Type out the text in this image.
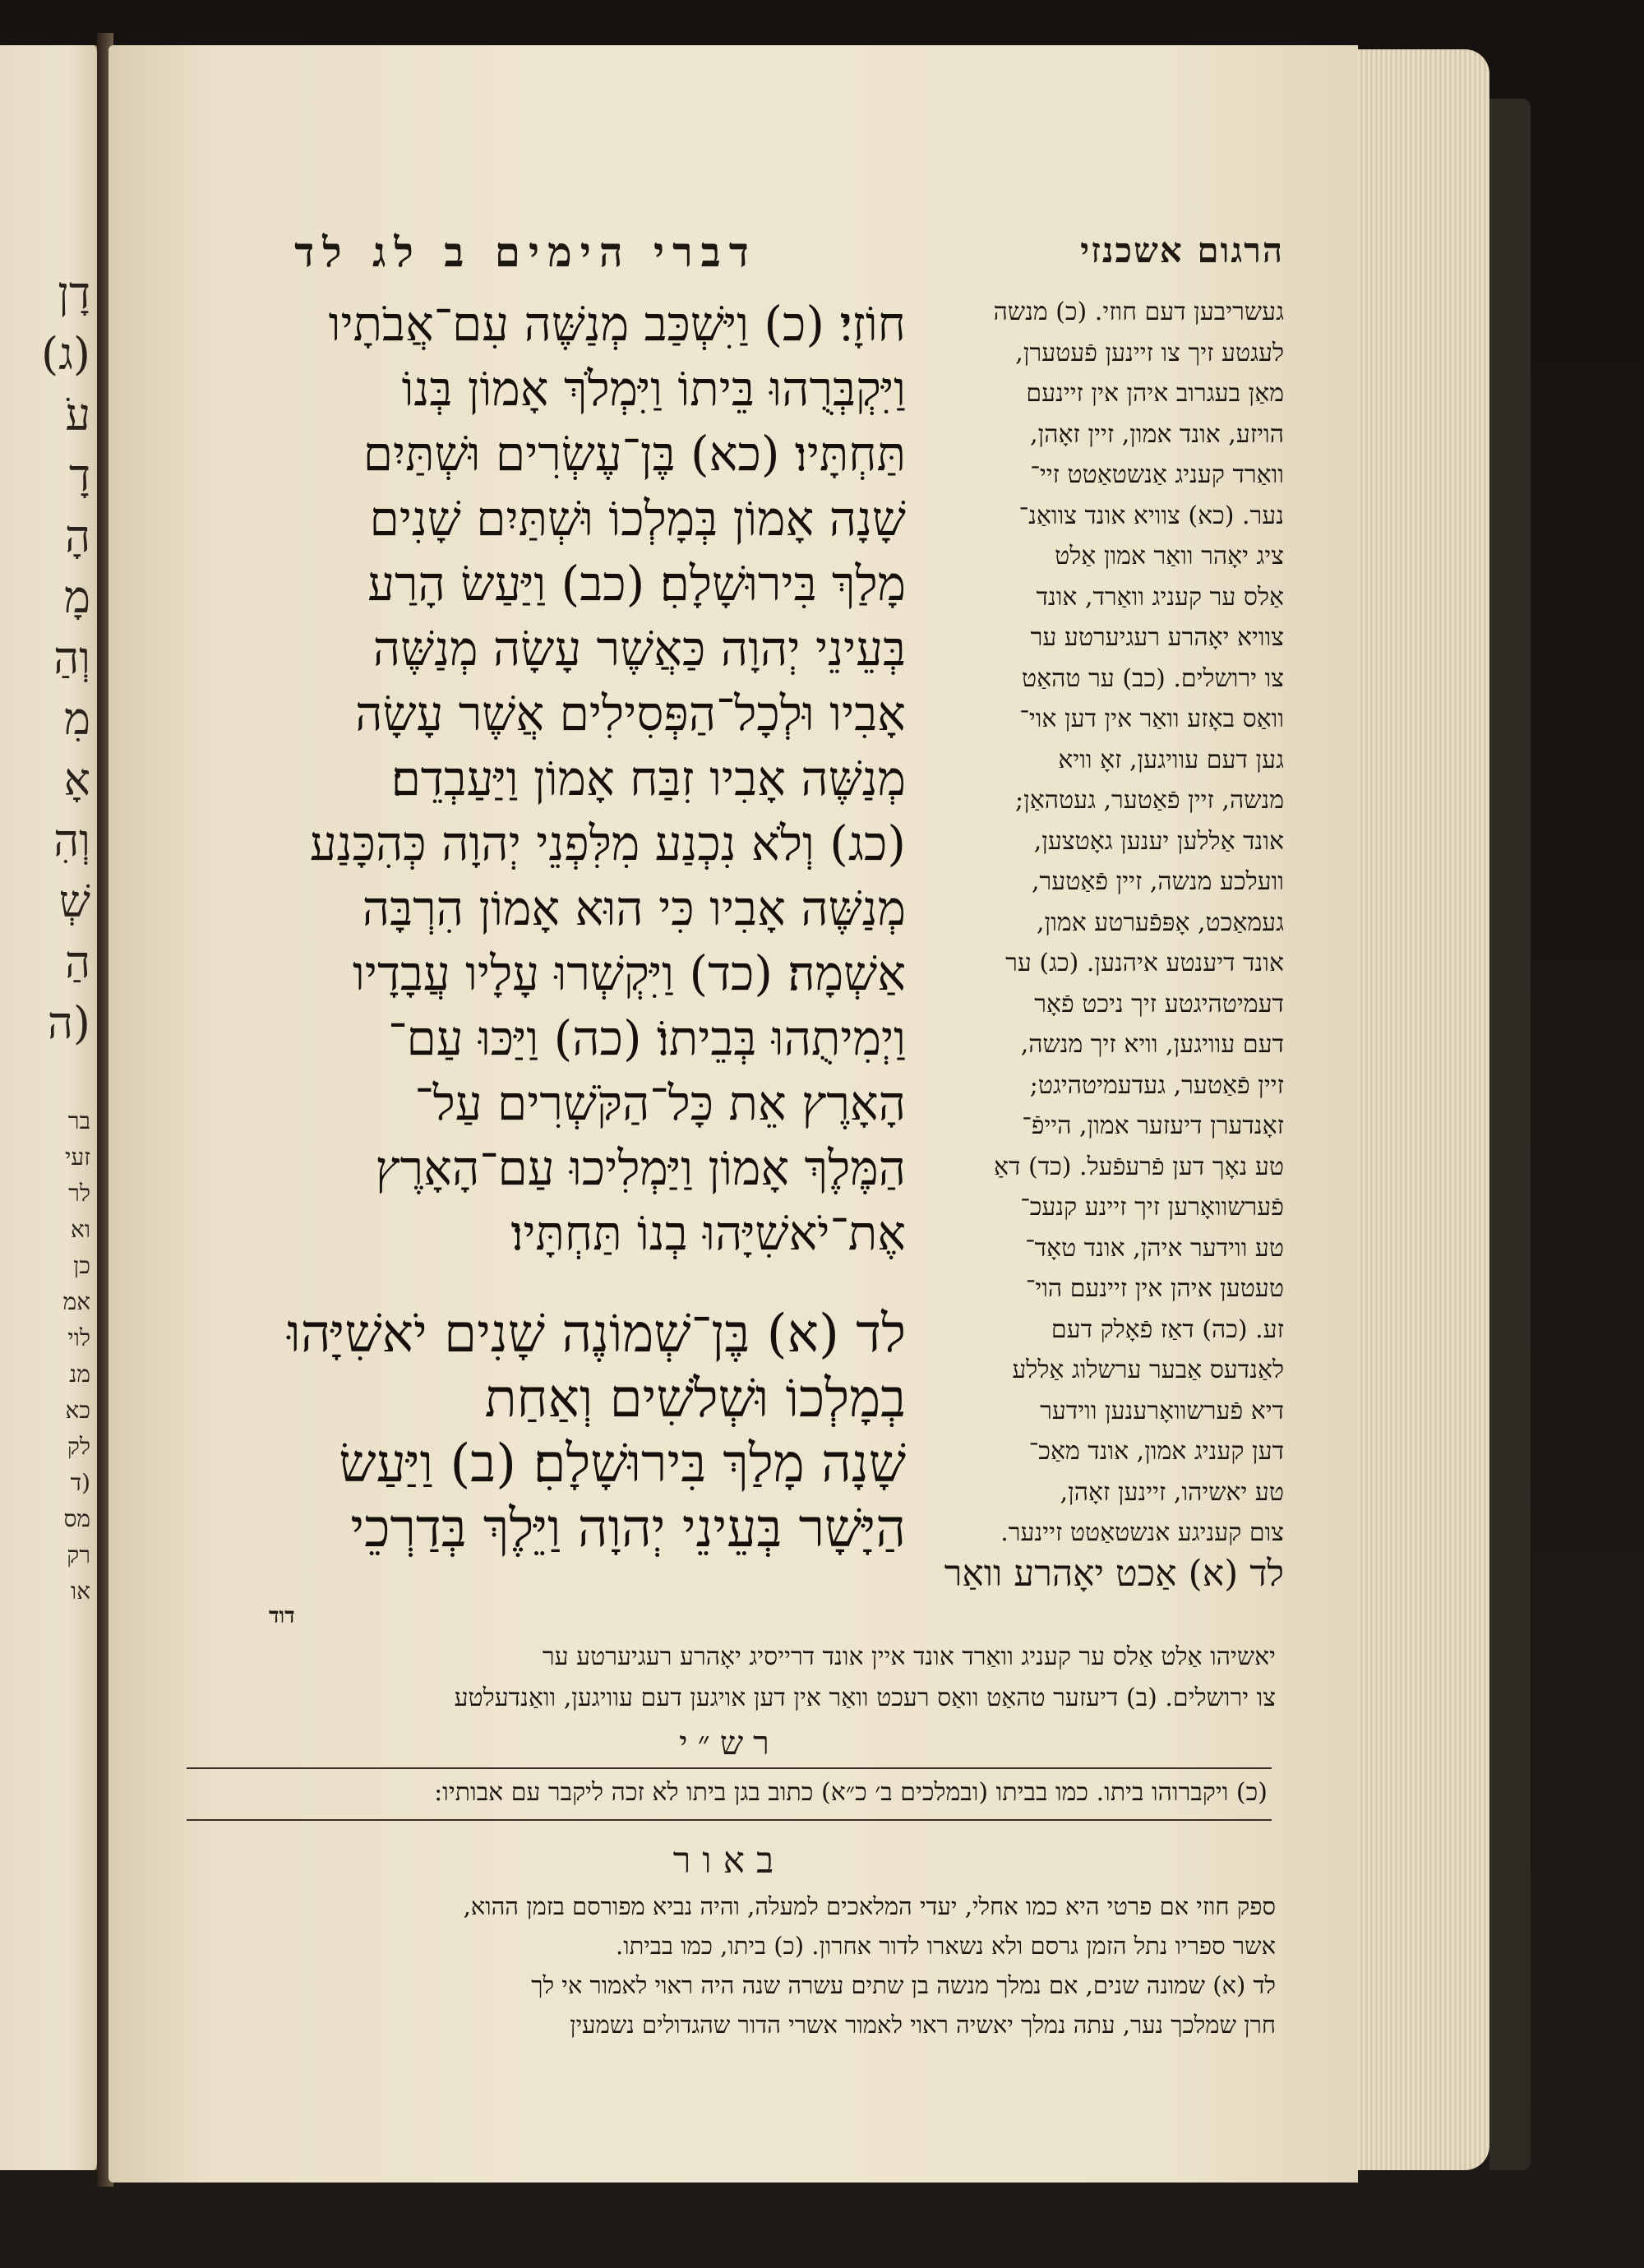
דָן
(ג)
עֹ
דָ
הָ
מָ
וְהַ
מִ
אָ
וְהִ
שְׁ
הַ
(ה
בר
זעי
לר
וא
כן
אמ
לוי
מנ
כא
לק
(ד
מס
רק
או
הרגום אשכנזי
דברי הימים ב לג לד
חוֹזָי׃ (כ) וַיִּשְׁכַּב מְנַשֶּׁה עִם־אֲבֹתָיו
וַיִּקְבְּרֻהוּ בֵּיתוֹ וַיִּמְלֹךְ אָמוֹן בְּנוֹ
תַּחְתָּיו׃ (כא) בֶּן־עֶשְׂרִים וּשְׁתַּיִם
שָׁנָה אָמוֹן בְּמָלְכוֹ וּשְׁתַּיִם שָׁנִים
מָלַךְ בִּירוּשָׁלָםִ׃ (כב) וַיַּעַשׂ הָרַע
בְּעֵינֵי יְהוָה כַּאֲשֶׁר עָשָׂה מְנַשֶּׁה
אָבִיו וּלְכָל־הַפְּסִילִים אֲשֶׁר עָשָׂה
מְנַשֶּׁה אָבִיו זִבַּח אָמוֹן וַיַּעַבְדֵם׃
(כג) וְלֹא נִכְנַע מִלִּפְנֵי יְהוָה כְּהִכָּנַע
מְנַשֶּׁה אָבִיו כִּי הוּא אָמוֹן הִרְבָּה
אַשְׁמָה׃ (כד) וַיִּקְשְׁרוּ עָלָיו עֲבָדָיו
וַיְמִיתֻהוּ בְּבֵיתוֹ׃ (כה) וַיַּכּוּ עַם־
הָאָרֶץ אֵת כָּל־הַקֹּשְׁרִים עַל־
הַמֶּלֶךְ אָמוֹן וַיַּמְלִיכוּ עַם־הָאָרֶץ
אֶת־יֹאשִׁיָּהוּ בְנוֹ תַּחְתָּיו׃
לד (א) בֶּן־שְׁמוֹנֶה שָׁנִים יֹאשִׁיָּהוּ
בְמָלְכוֹ וּשְׁלֹשִׁים וְאַחַת
שָׁנָה מָלַךְ בִּירוּשָׁלָםִ׃ (ב) וַיַּעַשׂ
הַיָּשָׁר בְּעֵינֵי יְהוָה וַיֵּלֶךְ בְּדַרְכֵי
דוד
געשריבען דעם חוזי. (כ) מנשה
לעגטע זיך צו זיינען פֿעטערן,
מאַן בעגרוב איהן אין זיינעם
הויזע, אונד אמון, זיין זאָהן,
וואַרד קעניג אַנשטאַטט זיי־
נער. (כא) צוויא אונד צוואַנ־
ציג יאָהר וואַר אמון אַלט
אַלס ער קעניג וואַרד, אונד
צוויא יאָהרע רעגיערטע ער
צו ירושלים. (כב) ער טהאַט
וואַס באָזע וואַר אין דען אוי־
גען דעם עוויגען, זאָ וויא
מנשה, זיין פֿאַטער, געטהאַן;
אונד אַללען יענען גאָטצען,
וועלכע מנשה, זיין פֿאַטער,
געמאַכט, אָפּפֿערטע אמון,
אונד דיענטע איהנען. (כג) ער
דעמיטהיגטע זיך ניכט פֿאָר
דעם עוויגען, וויא זיך מנשה,
זיין פֿאַטער, געדעמיטהיגט;
זאָנדערן דיעזער אמון, הייפֿ־
טע נאָך דען פֿרעפֿעל. (כד) דאַ
פֿערשוואָרען זיך זיינע קנעכ־
טע ווידער איהן, אונד טאָד־
טעטען איהן אין זיינעם הוי־
זע. (כה) דאַז פֿאָלק דעם
לאַנדעס אַבער ערשלוג אַללע
דיא פֿערשוואָרענען ווידער
דען קעניג אמון, אונד מאַכ־
טע יאשיהו, זיינען זאָהן,
צום קעניגע אנשטאַטט זיינער.
לד (א) אַכט יאָהרע וואַר
יאשיהו אַלט אַלס ער קעניג וואַרד אונד איין אונד דרייסיג יאָהרע רעגיערטע ער
צו ירושלים. (ב) דיעזער טהאַט וואַס רעכט וואַר אין דען אויגען דעם עוויגען, וואַנדעלטע
רש״י
(כ) ויקברוהו ביתו. כמו בביתו (ובמלכים ב׳ כ״א) כתוב בגן ביתו לא זכה ליקבר עם אבותיו:
באור
ספק חוזי אם פרטי היא כמו אחלי, יעדי המלאכים למעלה, והיה נביא מפורסם בזמן ההוא,
אשר ספריו נתל הזמן גרסם ולא נשארו לדור אחרון. (כ) ביתו, כמו בביתו.
לד (א) שמונה שנים, אם נמלך מנשה בן שתים עשרה שנה היה ראוי לאמור אי לך
חרן שמלכך נער, עתה נמלך יאשיה ראוי לאמור אשרי הדור שהגדולים נשמעין
